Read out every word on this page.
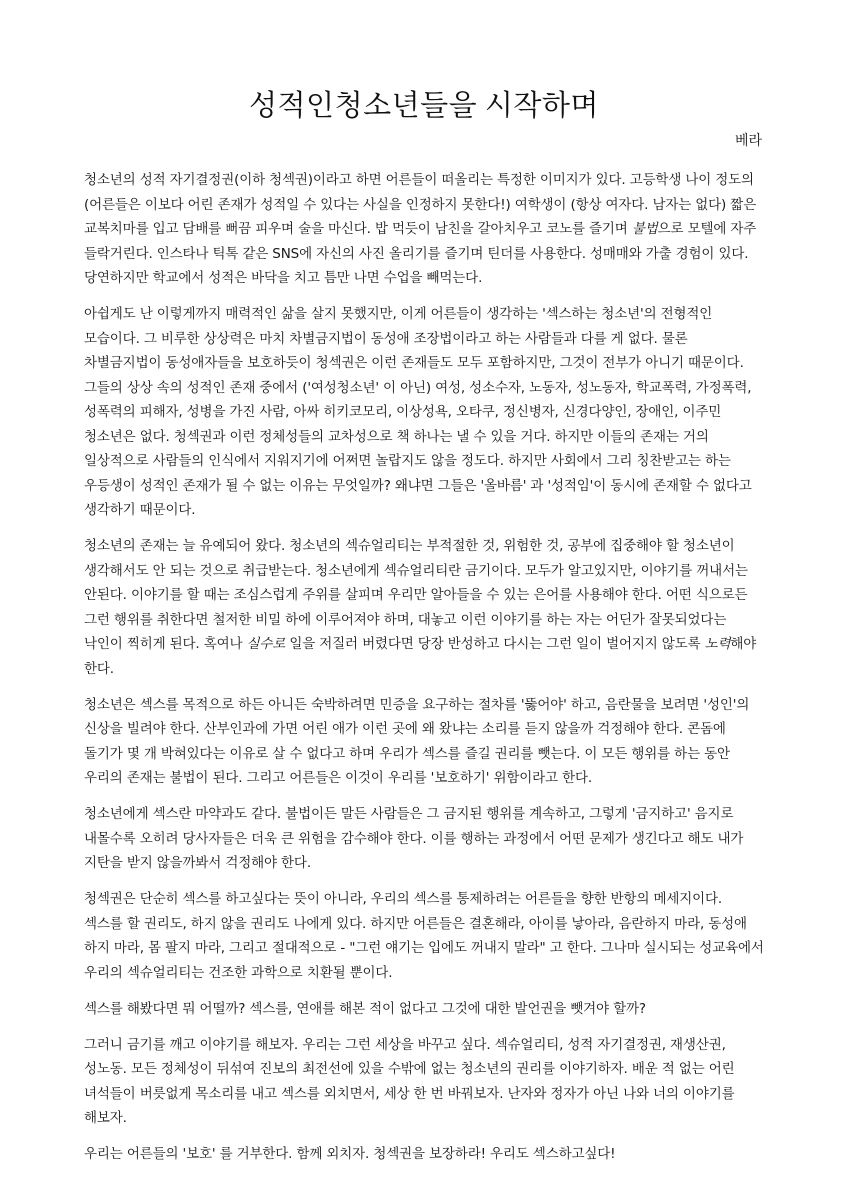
성적인청소년들을 시작하며
베라

청소년의 성적 자기결정권(이하 청섹권)이라고 하면 어른들이 떠올리는 특정한 이미지가 있다. 고등학생 나이 정도의
(어른들은 이보다 어린 존재가 성적일 수 있다는 사실을 인정하지 못한다!) 여학생이 (항상 여자다. 남자는 없다) 짧은
교복치마를 입고 담배를 뻐끔 피우며 술을 마신다. 밥 먹듯이 남친을 갈아치우고 코노를 즐기며 불법으로 모텔에 자주
들락거린다. 인스타나 틱톡 같은 SNS에 자신의 사진 올리기를 즐기며 틴더를 사용한다. 성매매와 가출 경험이 있다.
당연하지만 학교에서 성적은 바닥을 치고 틈만 나면 수업을 빼먹는다.

아쉽게도 난 이렇게까지 매력적인 삶을 살지 못했지만, 이게 어른들이 생각하는 '섹스하는 청소년'의 전형적인
모습이다. 그 비루한 상상력은 마치 차별금지법이 동성애 조장법이라고 하는 사람들과 다를 게 없다. 물론
차별금지법이 동성애자들을 보호하듯이 청섹권은 이런 존재들도 모두 포함하지만, 그것이 전부가 아니기 때문이다.
그들의 상상 속의 성적인 존재 중에서 ('여성청소년' 이 아닌) 여성, 성소수자, 노동자, 성노동자, 학교폭력, 가정폭력,
성폭력의 피해자, 성병을 가진 사람, 아싸 히키코모리, 이상성욕, 오타쿠, 정신병자, 신경다양인, 장애인, 이주민
청소년은 없다. 청섹권과 이런 정체성들의 교차성으로 책 하나는 낼 수 있을 거다. 하지만 이들의 존재는 거의
일상적으로 사람들의 인식에서 지워지기에 어쩌면 놀랍지도 않을 정도다. 하지만 사회에서 그리 칭찬받고는 하는
우등생이 성적인 존재가 될 수 없는 이유는 무엇일까? 왜냐면 그들은 '올바름' 과 '성적임'이 동시에 존재할 수 없다고
생각하기 때문이다.

청소년의 존재는 늘 유예되어 왔다. 청소년의 섹슈얼리티는 부적절한 것, 위험한 것, 공부에 집중해야 할 청소년이
생각해서도 안 되는 것으로 취급받는다. 청소년에게 섹슈얼리티란 금기이다. 모두가 알고있지만, 이야기를 꺼내서는
안된다. 이야기를 할 때는 조심스럽게 주위를 살피며 우리만 알아들을 수 있는 은어를 사용해야 한다. 어떤 식으로든
그런 행위를 취한다면 철저한 비밀 하에 이루어져야 하며, 대놓고 이런 이야기를 하는 자는 어딘가 잘못되었다는
낙인이 찍히게 된다. 혹여나 실수로 일을 저질러 버렸다면 당장 반성하고 다시는 그런 일이 벌어지지 않도록 노력해야
한다.

청소년은 섹스를 목적으로 하든 아니든 숙박하려면 민증을 요구하는 절차를 '뚫어야' 하고, 음란물을 보려면 '성인'의
신상을 빌려야 한다. 산부인과에 가면 어린 애가 이런 곳에 왜 왔냐는 소리를 듣지 않을까 걱정해야 한다. 콘돔에
돌기가 몇 개 박혀있다는 이유로 살 수 없다고 하며 우리가 섹스를 즐길 권리를 뺏는다. 이 모든 행위를 하는 동안
우리의 존재는 불법이 된다. 그리고 어른들은 이것이 우리를 '보호하기' 위함이라고 한다.

청소년에게 섹스란 마약과도 같다. 불법이든 말든 사람들은 그 금지된 행위를 계속하고, 그렇게 '금지하고' 음지로
내몰수록 오히려 당사자들은 더욱 큰 위험을 감수해야 한다. 이를 행하는 과정에서 어떤 문제가 생긴다고 해도 내가
지탄을 받지 않을까봐서 걱정해야 한다.

청섹권은 단순히 섹스를 하고싶다는 뜻이 아니라, 우리의 섹스를 통제하려는 어른들을 향한 반항의 메세지이다.
섹스를 할 권리도, 하지 않을 권리도 나에게 있다. 하지만 어른들은 결혼해라, 아이를 낳아라, 음란하지 마라, 동성애
하지 마라, 몸 팔지 마라, 그리고 절대적으로 - "그런 얘기는 입에도 꺼내지 말라" 고 한다. 그나마 실시되는 성교육에서
우리의 섹슈얼리티는 건조한 과학으로 치환될 뿐이다.

섹스를 해봤다면 뭐 어떨까? 섹스를, 연애를 해본 적이 없다고 그것에 대한 발언권을 뺏겨야 할까?

그러니 금기를 깨고 이야기를 해보자. 우리는 그런 세상을 바꾸고 싶다. 섹슈얼리티, 성적 자기결정권, 재생산권,
성노동. 모든 정체성이 뒤섞여 진보의 최전선에 있을 수밖에 없는 청소년의 권리를 이야기하자. 배운 적 없는 어린
녀석들이 버릇없게 목소리를 내고 섹스를 외치면서, 세상 한 번 바꿔보자. 난자와 정자가 아닌 나와 너의 이야기를
해보자.

우리는 어른들의 '보호' 를 거부한다. 함께 외치자. 청섹권을 보장하라! 우리도 섹스하고싶다!
